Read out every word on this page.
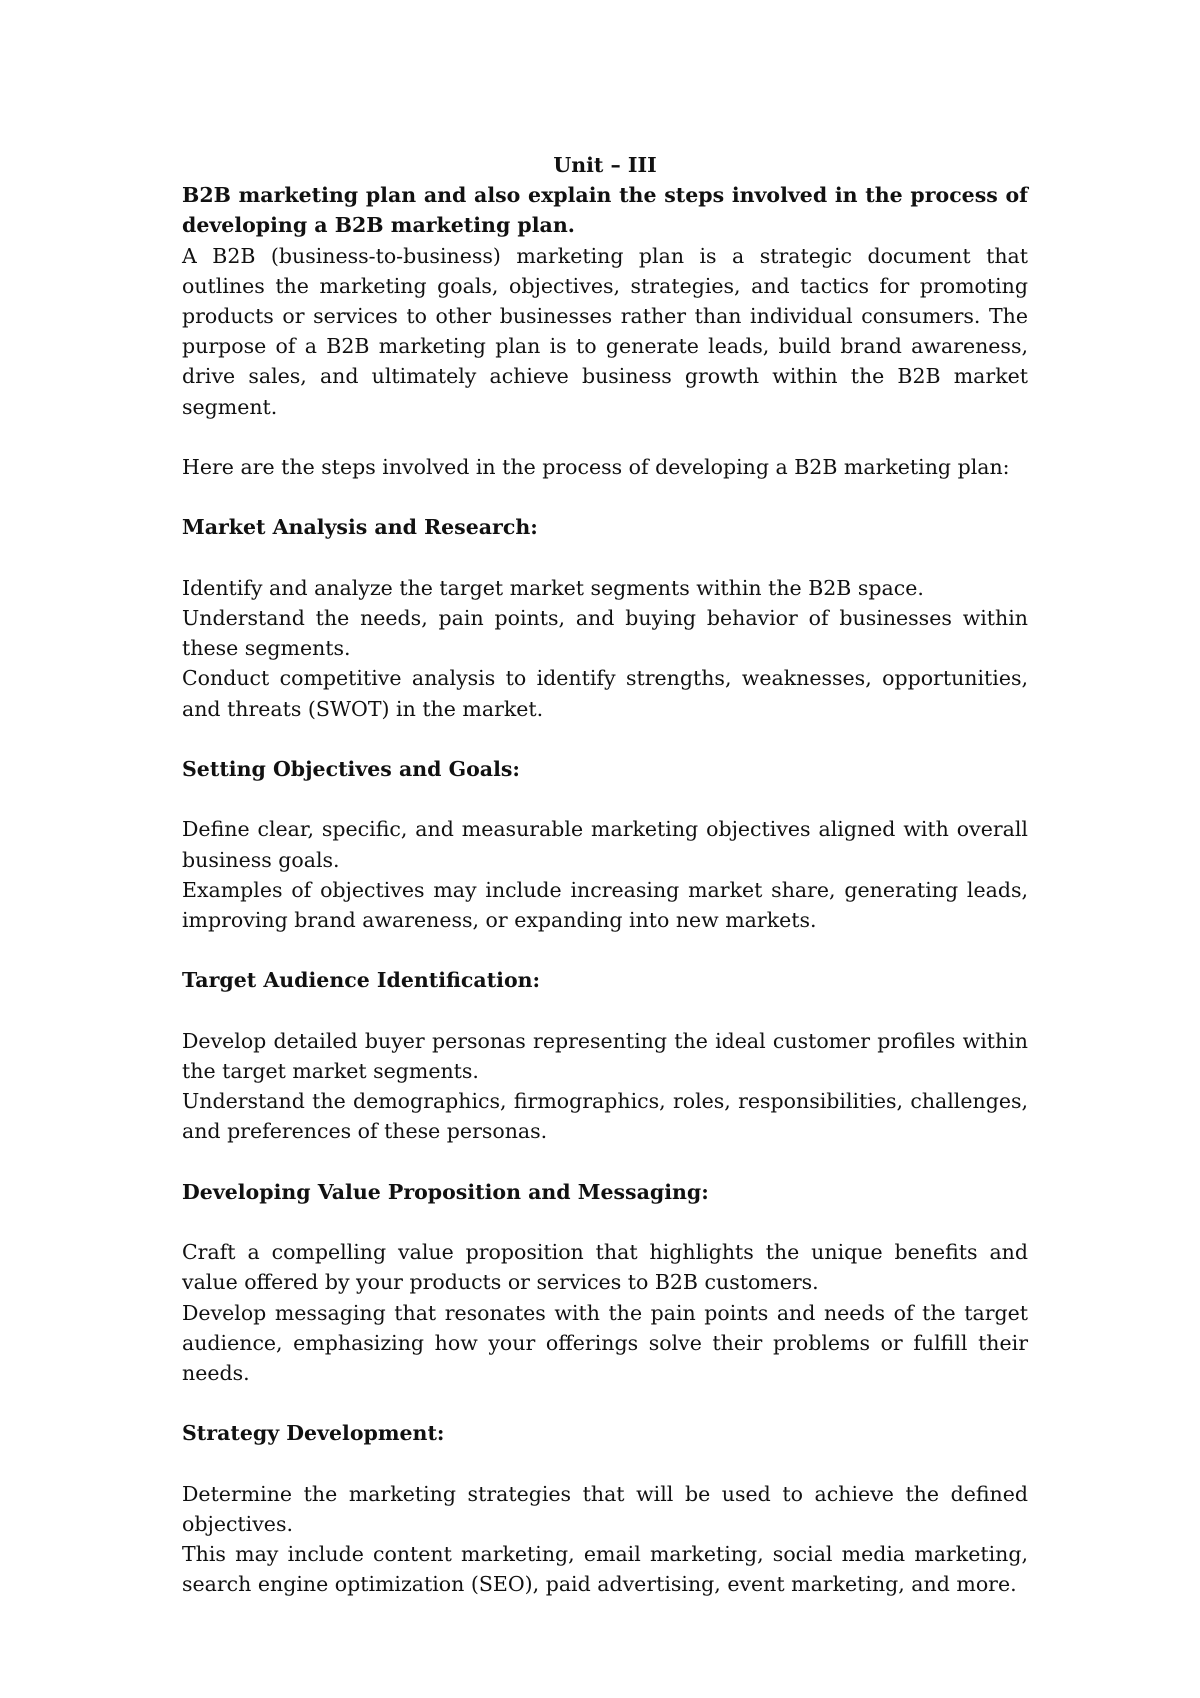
Unit – III

B2B marketing plan and also explain the steps involved in the process of developing a B2B marketing plan.

A B2B (business-to-business) marketing plan is a strategic document that outlines the marketing goals, objectives, strategies, and tactics for promoting products or services to other businesses rather than individual consumers. The purpose of a B2B marketing plan is to generate leads, build brand awareness, drive sales, and ultimately achieve business growth within the B2B market segment.

Here are the steps involved in the process of developing a B2B marketing plan:

Market Analysis and Research:

Identify and analyze the target market segments within the B2B space.

Understand the needs, pain points, and buying behavior of businesses within these segments.

Conduct competitive analysis to identify strengths, weaknesses, opportunities, and threats (SWOT) in the market.

Setting Objectives and Goals:

Define clear, specific, and measurable marketing objectives aligned with overall business goals.

Examples of objectives may include increasing market share, generating leads, improving brand awareness, or expanding into new markets.

Target Audience Identification:

Develop detailed buyer personas representing the ideal customer profiles within the target market segments.

Understand the demographics, firmographics, roles, responsibilities, challenges, and preferences of these personas.

Developing Value Proposition and Messaging:

Craft a compelling value proposition that highlights the unique benefits and value offered by your products or services to B2B customers.

Develop messaging that resonates with the pain points and needs of the target audience, emphasizing how your offerings solve their problems or fulfill their needs.

Strategy Development:

Determine the marketing strategies that will be used to achieve the defined objectives.

This may include content marketing, email marketing, social media marketing, search engine optimization (SEO), paid advertising, event marketing, and more.
